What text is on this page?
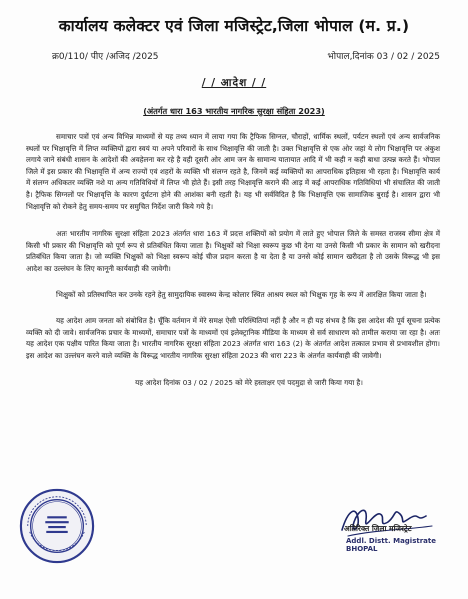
कार्यालय कलेक्टर एवं जिला मजिस्ट्रेट,जिला भोपाल (म. प्र.)
क्र0/110/ पीए /अजिद /2025	भोपाल,दिनांक 03 / 02 / 2025
/ / आदेश / /
(अंतर्गत धारा 163 भारतीय नागरिक सुरक्षा संहिता 2023)

समाचार पत्रों एवं अन्य विभिन्न माध्यमों से यह तथ्य ध्यान में लाया गया कि ट्रैफिक सिग्नल, चौराहों, धार्मिक स्थलों, पर्यटन स्थलों एवं अन्य सार्वजनिक स्थलों पर भिक्षावृत्ति में लिप्त व्यक्तियों द्वारा स्वयं या अपने परिवारों के साथ भिक्षावृत्ति की जाती है। उक्त भिक्षावृत्ति से एक ओर जहां ये लोग भिक्षावृत्ति पर अंकुश लगाये जाने संबंधी शासन के आदेशों की अवहेलना कर रहे है वही दूसरी ओर आम जन के सामान्य यातायात आदि में भी कही न कही बाधा उत्पन्न करते हैं। भोपाल जिले में इस प्रकार की भिक्षावृत्ति में अन्य राज्यों एवं शहरों के व्यक्ति भी संलग्न रहते है, जिनमें कई व्यक्तियों का आपराधिक इतिहास भी रहता है। भिक्षावृत्ति कार्य में संलग्न अधिकतर व्यक्ति नशे या अन्य गतिविधियों में लिप्त भी होते हैं। इसी तरह भिक्षावृत्ति कराने की आड़ में कई आपराधिक गतिविधियां भी संचालित की जाती है। ट्रैफिक सिग्नलों पर भिक्षावृत्ति के कारण दुर्घटना होने की आशंका बनी रहती है। यह भी सर्वविदित है कि भिक्षावृत्ति एक सामाजिक बुराई है। शासन द्वारा भी भिक्षावृत्ति को रोकने हेतु समय-समय पर समुचित निर्देश जारी किये गये है।

अतः भारतीय नागरिक सुरक्षा संहिता 2023 अंतर्गत धारा 163 में प्रदत्त शक्तियों को प्रयोग में लाते हुए भोपाल जिले के समस्त राजस्व सीमा क्षेत्र में किसी भी प्रकार की भिक्षावृत्ति को पूर्ण रूप से प्रतिबंधित किया जाता है। भिक्षुकों को भिक्षा स्वरूप कुछ भी देना या उनसे किसी भी प्रकार के सामान को खरीदना प्रतिबंधित किया जाता है। जो व्यक्ति भिक्षुकों को भिक्षा स्वरूप कोई चीज प्रदान करता है या देता है या उनसे कोई सामान खरीदता है तो उसके विरूद्ध भी इस आदेश का उल्लंघन के लिए कानूनी कार्यवाही की जावेगी।

भिक्षुकों को प्रतिस्थापित कर उनके रहने हेतु सामुदायिक स्वास्थ्य केन्द्र कोलार स्थित आश्रय स्थल को भिक्षुक गृह के रूप में आरक्षित किया जाता है।

यह आदेश आम जनता को संबोधित है। चूँकि वर्तमान में मेरे समक्ष ऐसी परिस्थितियां नहीं है और न ही यह संभव है कि इस आदेश की पूर्व सूचना प्रत्येक व्यक्ति को दी जावे। सार्वजनिक प्रचार के माध्यमों, समाचार पत्रों के माध्यमों एवं इलेक्ट्रानिक मीडिया के माध्यम से सर्व साधारण को तामील कराया जा रहा है। अतः यह आदेश एक पक्षीय पारित किया जाता है। भारतीय नागरिक सुरक्षा संहिता 2023 अंतर्गत धारा 163 (2) के अंतर्गत आदेश तत्काल प्रभाव से प्रभावशील होगा। इस आदेश का उल्लंघन करने वाले व्यक्ति के विरूद्ध भारतीय नागरिक सुरक्षा संहिता 2023 की धारा 223 के अंतर्गत कार्यवाही की जावेगी।

यह आदेश दिनांक 03 / 02 / 2025 को मेरे हस्ताक्षर एवं पदमुद्रा से जारी किया गया है।
अतिरिक्त जिला मजिस्ट्रेट
Addl. Distt. Magistrate BHOPAL
